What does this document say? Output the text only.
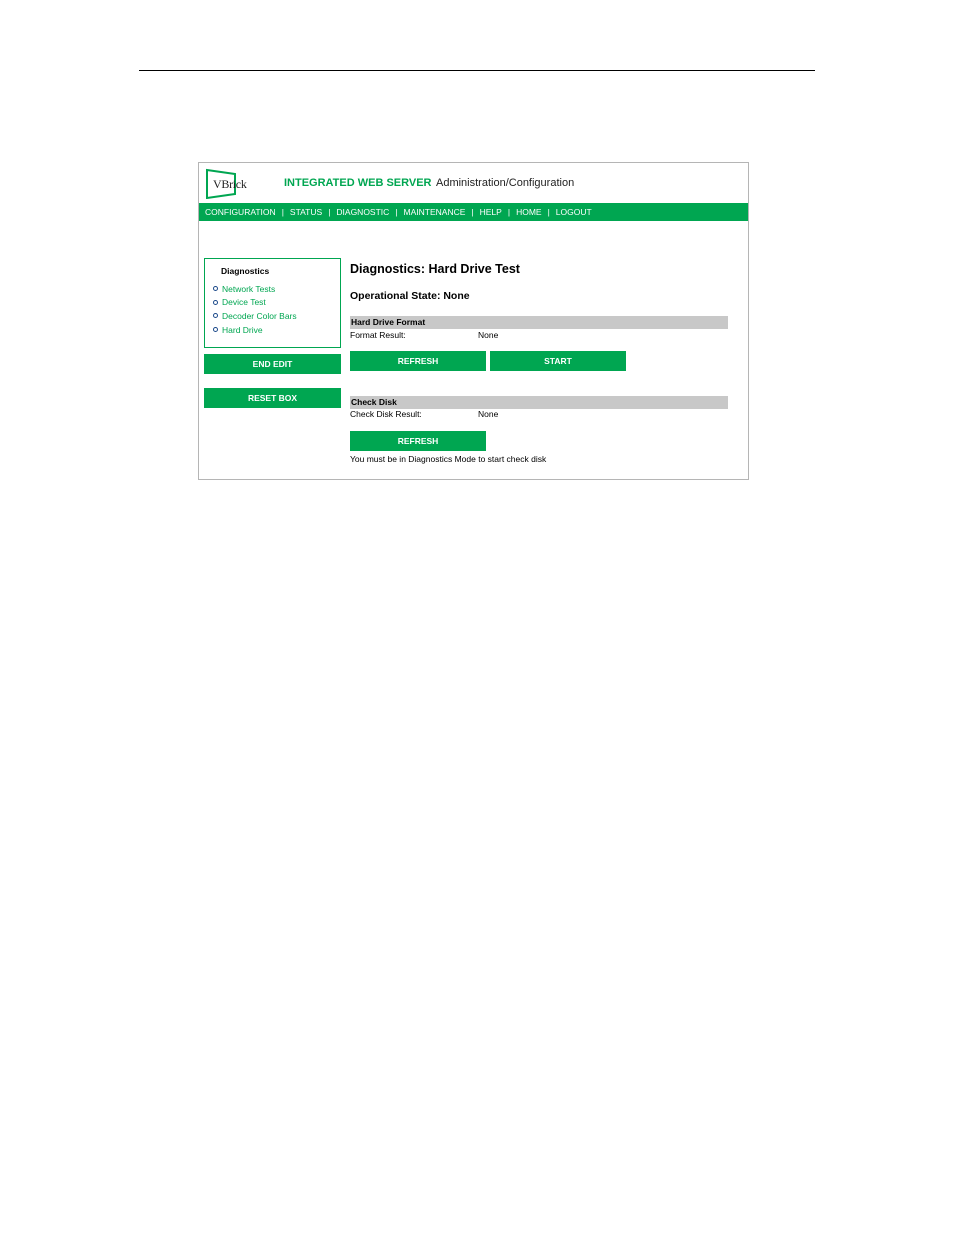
VBrick	INTEGRATED WEB SERVER Administration/Configuration
CONFIGURATION | STATUS | DIAGNOSTIC | MAINTENANCE | HELP | HOME | LOGOUT
Diagnostics
Network Tests
Device Test
Decoder Color Bars
Hard Drive
END EDIT
RESET BOX
Diagnostics: Hard Drive Test
Operational State: None
Hard Drive Format
Format Result:	None
REFRESH	START
Check Disk
Check Disk Result:	None
REFRESH
You must be in Diagnostics Mode to start check disk
